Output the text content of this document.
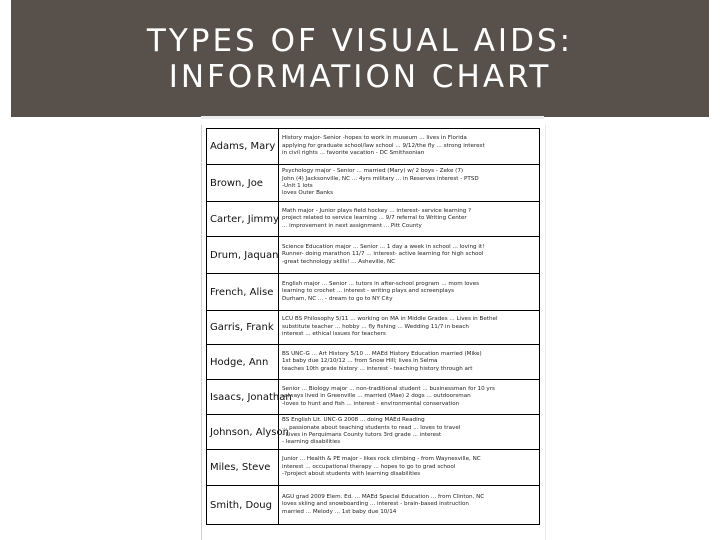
TYPES OF VISUAL AIDS:
INFORMATION CHART
Adams, Mary	History major- Senior -hopes to work in museum ... lives in Florida
applying for graduate school/law school ... 9/12/the fly ... strong interest
in civil rights ... favorite vacation - DC Smithsonian

Brown, Joe	Psychology major - Senior ... married (Mary) w/ 2 boys - Zeke (7)
John (4) Jacksonville, NC ... 4yrs military ... in Reserves interest - PTSD
-Unit 1 lots
loves Outer Banks

Carter, Jimmy	Math major - Junior plays field hockey ... interest- service learning ?
project related to service learning ... 9/7 referral to Writing Center
... improvement in next assignment ... Pitt County

Drum, Jaquan	Science Education major ... Senior ... 1 day a week in school ... loving it!
Runner- doing marathon 11/7 ... interest- active learning for high school
-great technology skills! ... Asheville, NC

French, Alise	English major ... Senior ... tutors in after-school program ... mom loves
learning to crochet ... interest - writing plays and screenplays
Durham, NC ... - dream to go to NY City

Garris, Frank	LCU BS Philosophy 5/11 ... working on MA in Middle Grades ... Lives in Bethel
substitute teacher ... hobby ... fly fishing ... Wedding 11/7 in beach
interest ... ethical issues for teachers

Hodge, Ann	BS UNC-G ... Art History 5/10 ... MAEd History Education married (Mike)
1st baby due 12/10/12 ... from Snow Hill; lives in Selma
teaches 10th grade history ... interest - teaching history through art

Isaacs, Jonathan	Senior ... Biology major ... non-traditional student ... businessman for 10 yrs
-always lived in Greenville ... married (Mae) 2 dogs ... outdoorsman
-loves to hunt and fish ... interest - environmental conservation

Johnson, Alyson	BS English Lit. UNC-G 2008 ... doing MAEd Reading
... passionate about teaching students to read ... loves to travel
- Lives in Perquimans County tutors 3rd grade ... interest
- learning disabilities

Miles, Steve	Junior ... Health & PE major - likes rock climbing - from Waynesville, NC
interest ... occupational therapy ... hopes to go to grad school
-?project about students with learning disabilities

Smith, Doug	AGU grad 2009 Elem. Ed. ... MAEd Special Education ... from Clinton, NC
loves skiing and snowboarding ... interest - brain-based instruction
married ... Melody ... 1st baby due 10/14
